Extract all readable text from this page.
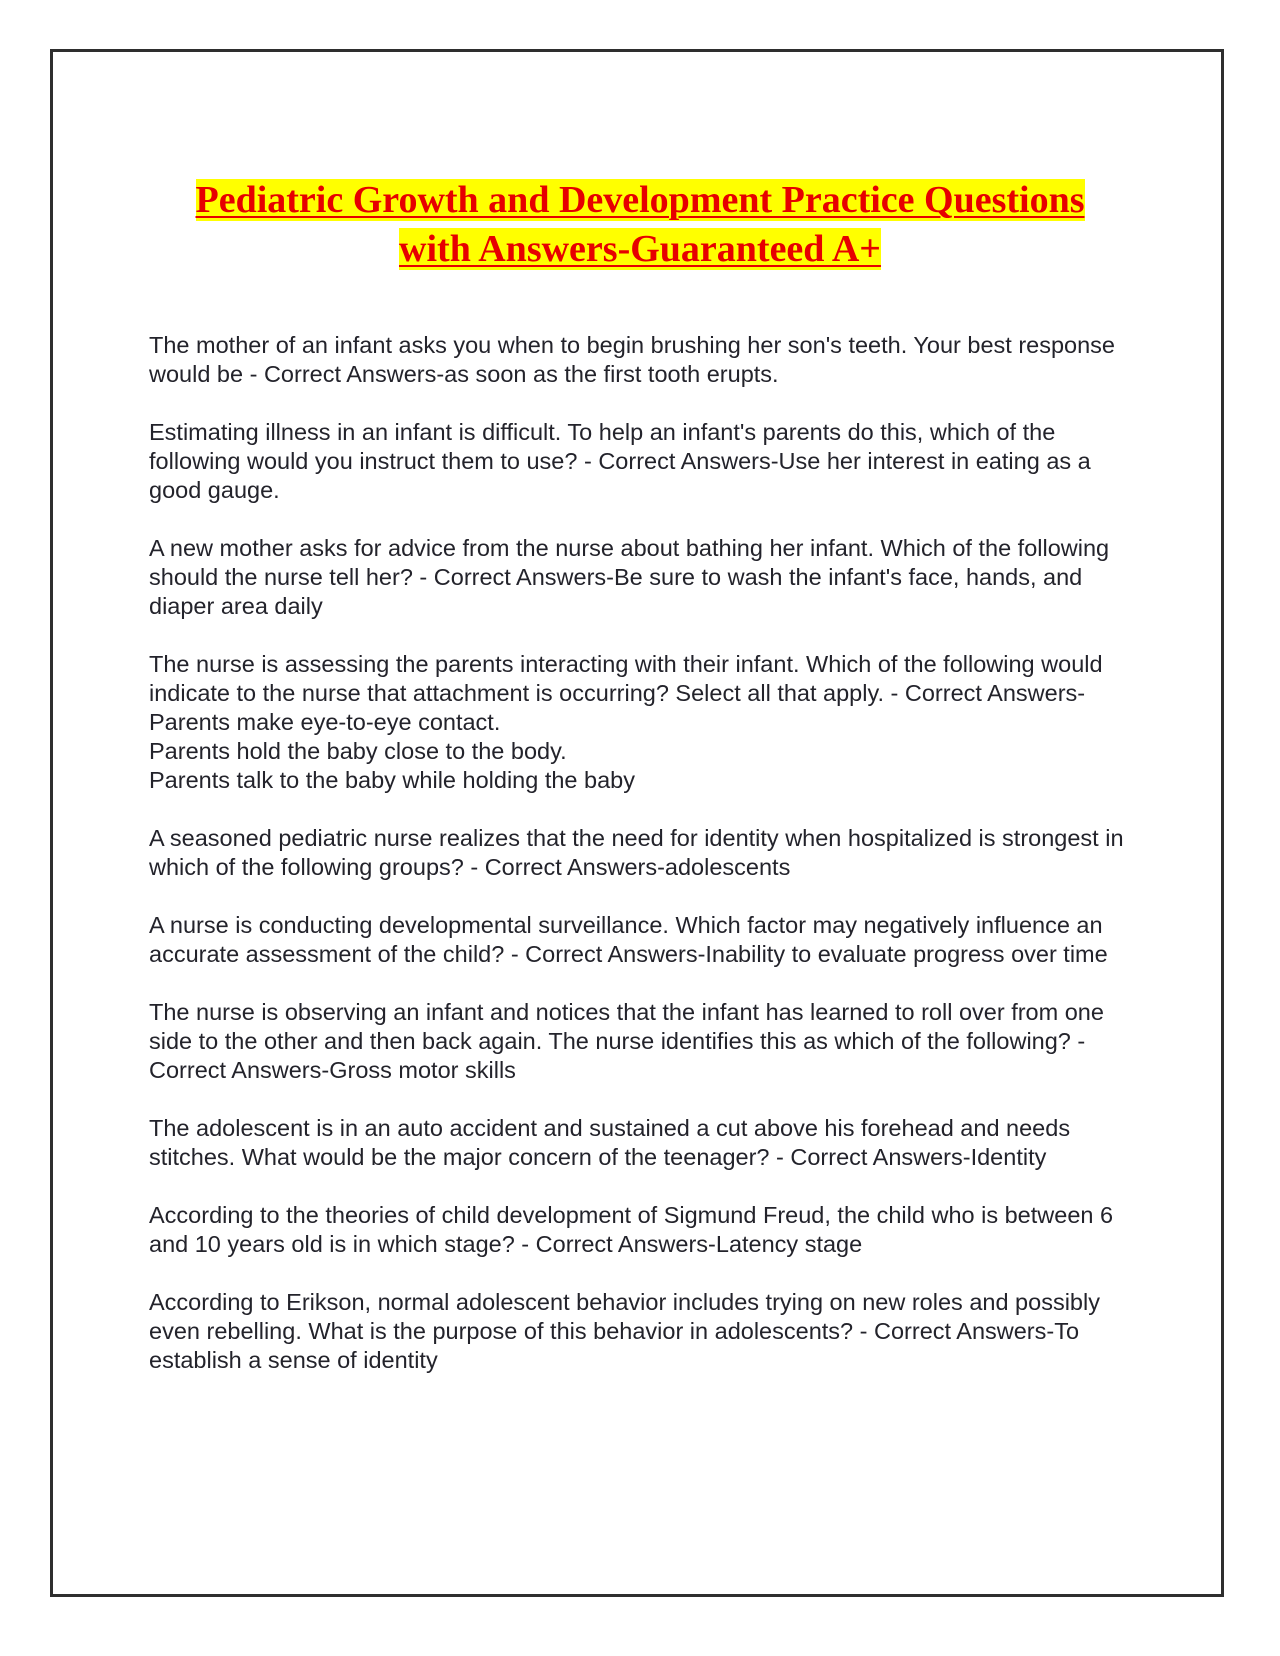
Pediatric Growth and Development Practice Questions
with Answers-Guaranteed A+

The mother of an infant asks you when to begin brushing her son's teeth. Your best response would be - Correct Answers-as soon as the first tooth erupts.

Estimating illness in an infant is difficult. To help an infant's parents do this, which of the following would you instruct them to use? - Correct Answers-Use her interest in eating as a good gauge.

A new mother asks for advice from the nurse about bathing her infant. Which of the following should the nurse tell her? - Correct Answers-Be sure to wash the infant's face, hands, and diaper area daily

The nurse is assessing the parents interacting with their infant. Which of the following would indicate to the nurse that attachment is occurring? Select all that apply. - Correct Answers-Parents make eye-to-eye contact.

Parents hold the baby close to the body.

Parents talk to the baby while holding the baby

A seasoned pediatric nurse realizes that the need for identity when hospitalized is strongest in which of the following groups? - Correct Answers-adolescents

A nurse is conducting developmental surveillance. Which factor may negatively influence an accurate assessment of the child? - Correct Answers-Inability to evaluate progress over time

The nurse is observing an infant and notices that the infant has learned to roll over from one side to the other and then back again. The nurse identifies this as which of the following? - Correct Answers-Gross motor skills

The adolescent is in an auto accident and sustained a cut above his forehead and needs stitches. What would be the major concern of the teenager? - Correct Answers-Identity

According to the theories of child development of Sigmund Freud, the child who is between 6 and 10 years old is in which stage? - Correct Answers-Latency stage

According to Erikson, normal adolescent behavior includes trying on new roles and possibly even rebelling. What is the purpose of this behavior in adolescents? - Correct Answers-To establish a sense of identity
